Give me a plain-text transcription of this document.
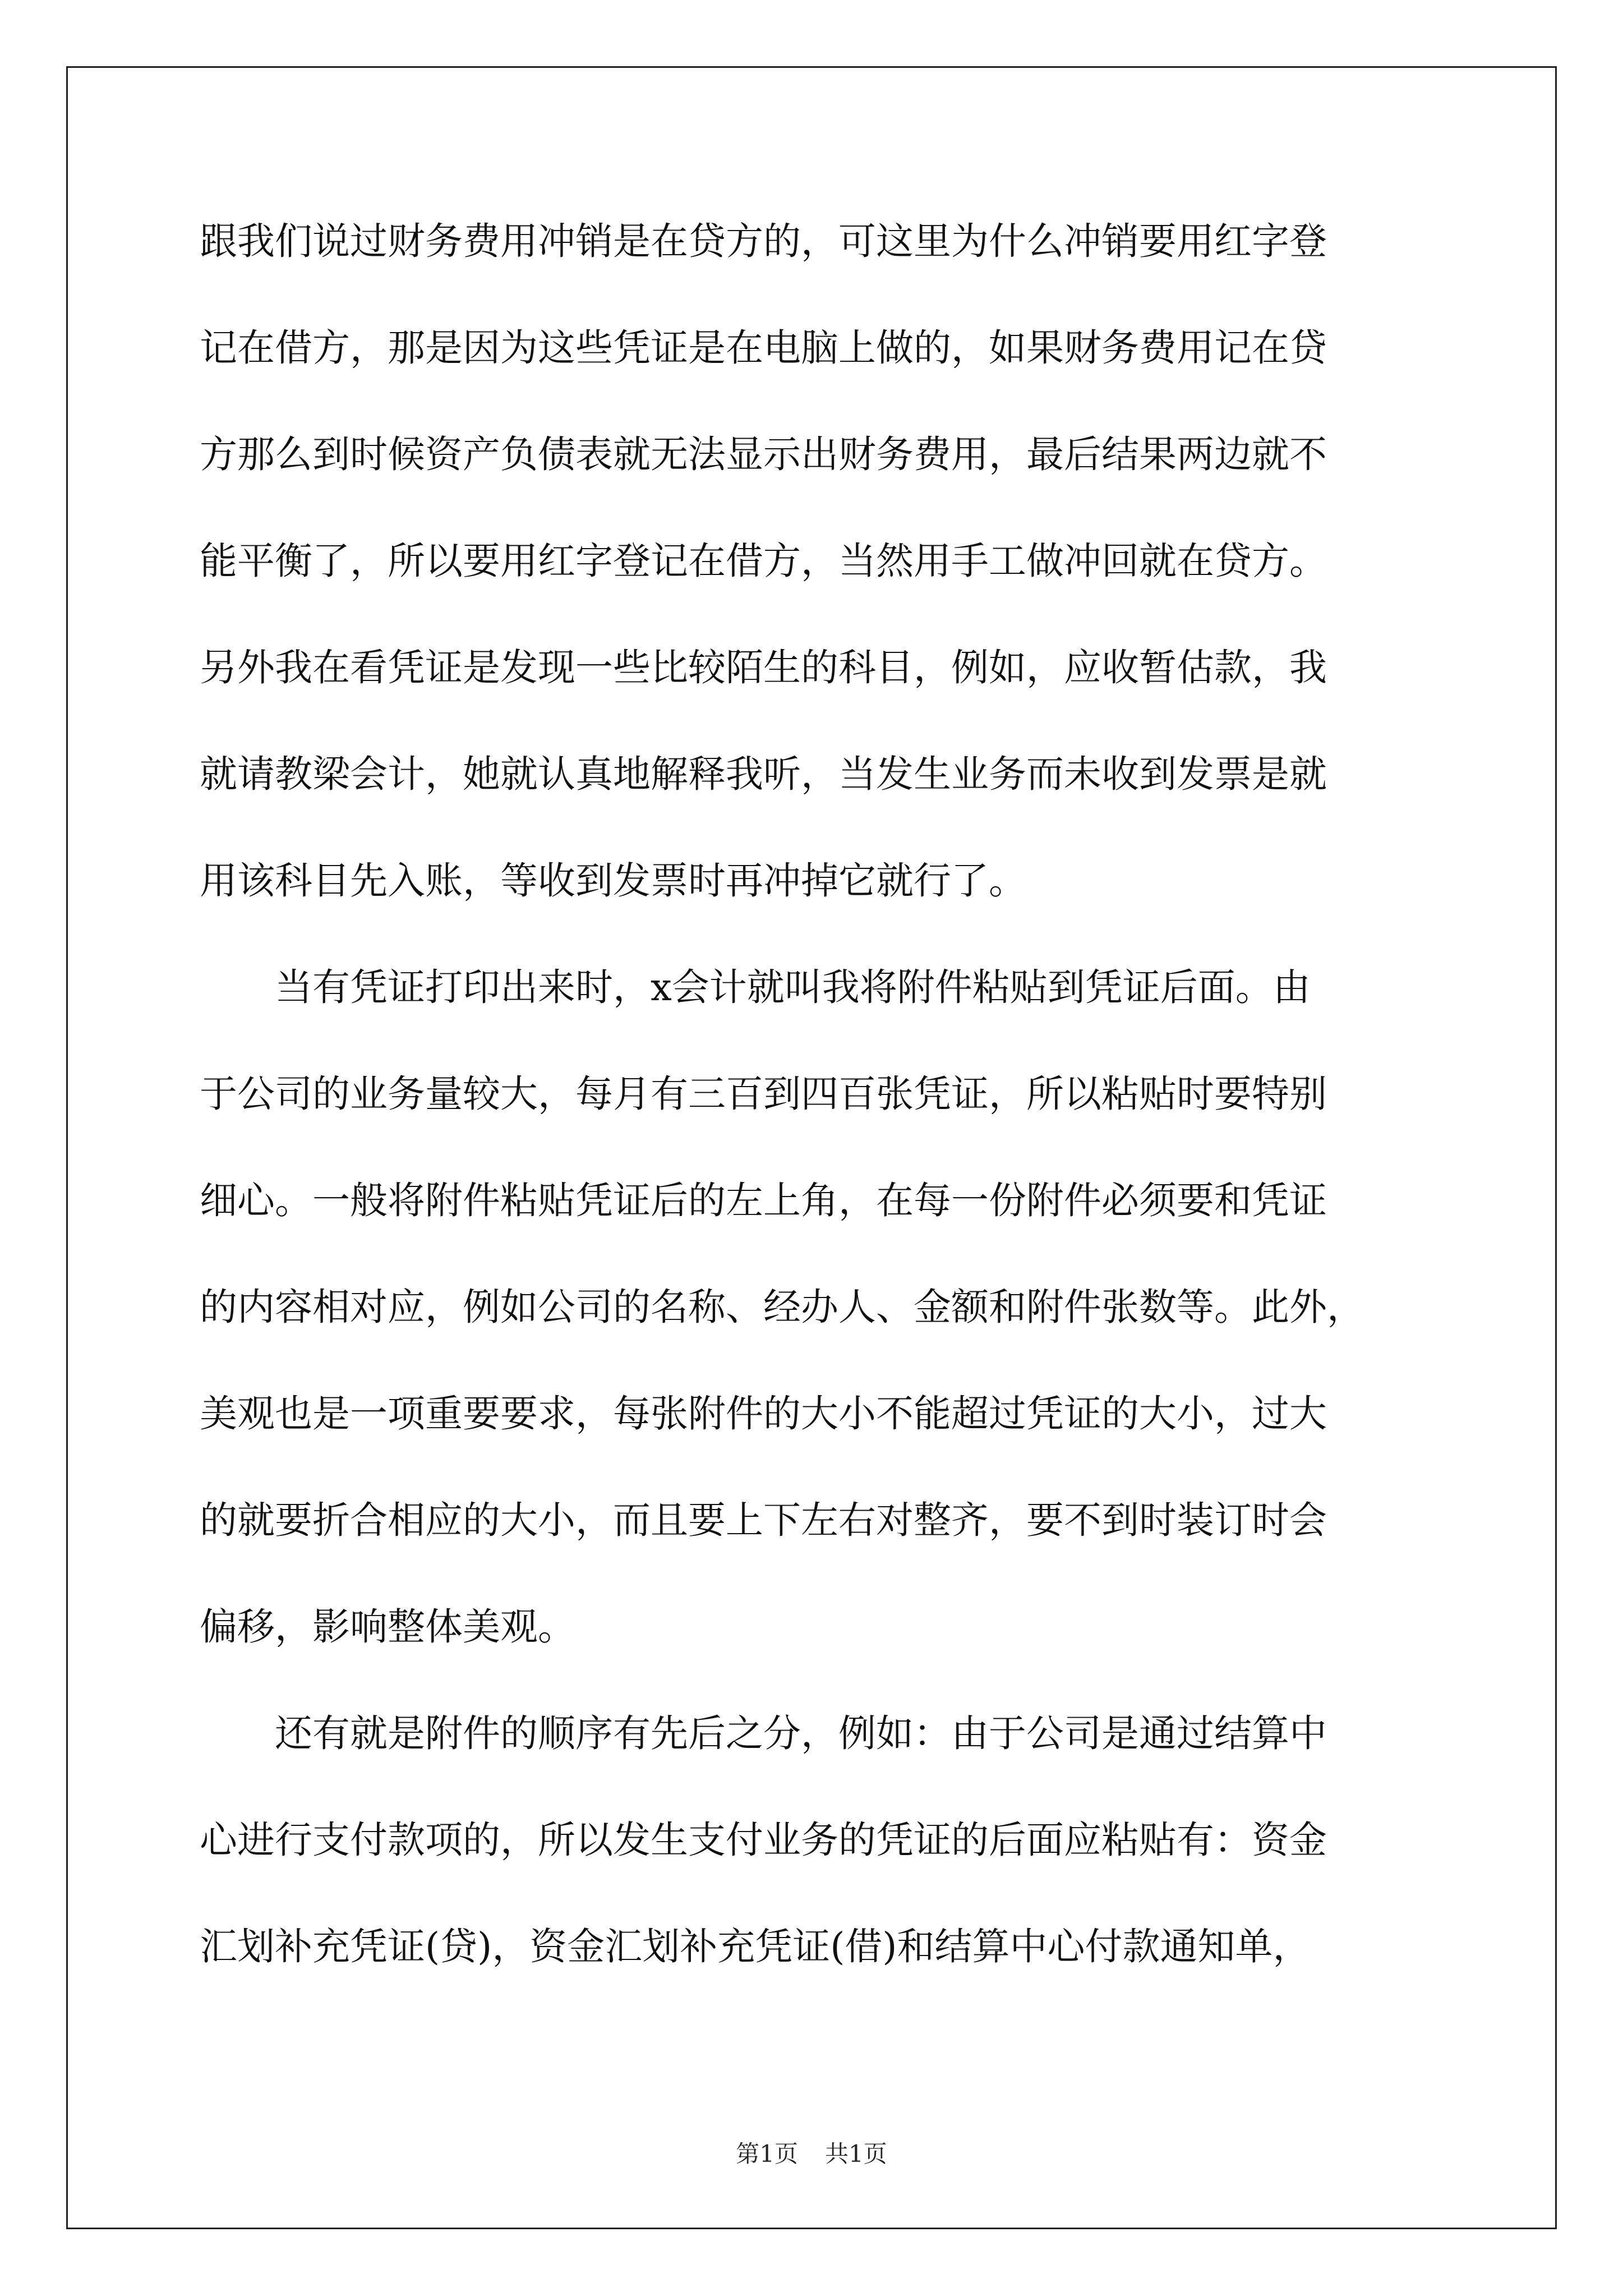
跟我们说过财务费用冲销是在贷方的，可这里为什么冲销要用红字登
记在借方，那是因为这些凭证是在电脑上做的，如果财务费用记在贷
方那么到时候资产负债表就无法显示出财务费用，最后结果两边就不
能平衡了，所以要用红字登记在借方，当然用手工做冲回就在贷方。
另外我在看凭证是发现一些比较陌生的科目，例如，应收暂估款，我
就请教梁会计，她就认真地解释我听，当发生业务而未收到发票是就
用该科目先入账，等收到发票时再冲掉它就行了。
当有凭证打印出来时，x会计就叫我将附件粘贴到凭证后面。由
于公司的业务量较大，每月有三百到四百张凭证，所以粘贴时要特别
细心。一般将附件粘贴凭证后的左上角，在每一份附件必须要和凭证
的内容相对应，例如公司的名称、经办人、金额和附件张数等。此外，
美观也是一项重要要求，每张附件的大小不能超过凭证的大小，过大
的就要折合相应的大小，而且要上下左右对整齐，要不到时装订时会
偏移，影响整体美观。
还有就是附件的顺序有先后之分，例如：由于公司是通过结算中
心进行支付款项的，所以发生支付业务的凭证的后面应粘贴有：资金
汇划补充凭证(贷)，资金汇划补充凭证(借)和结算中心付款通知单，
第1页 共1页
